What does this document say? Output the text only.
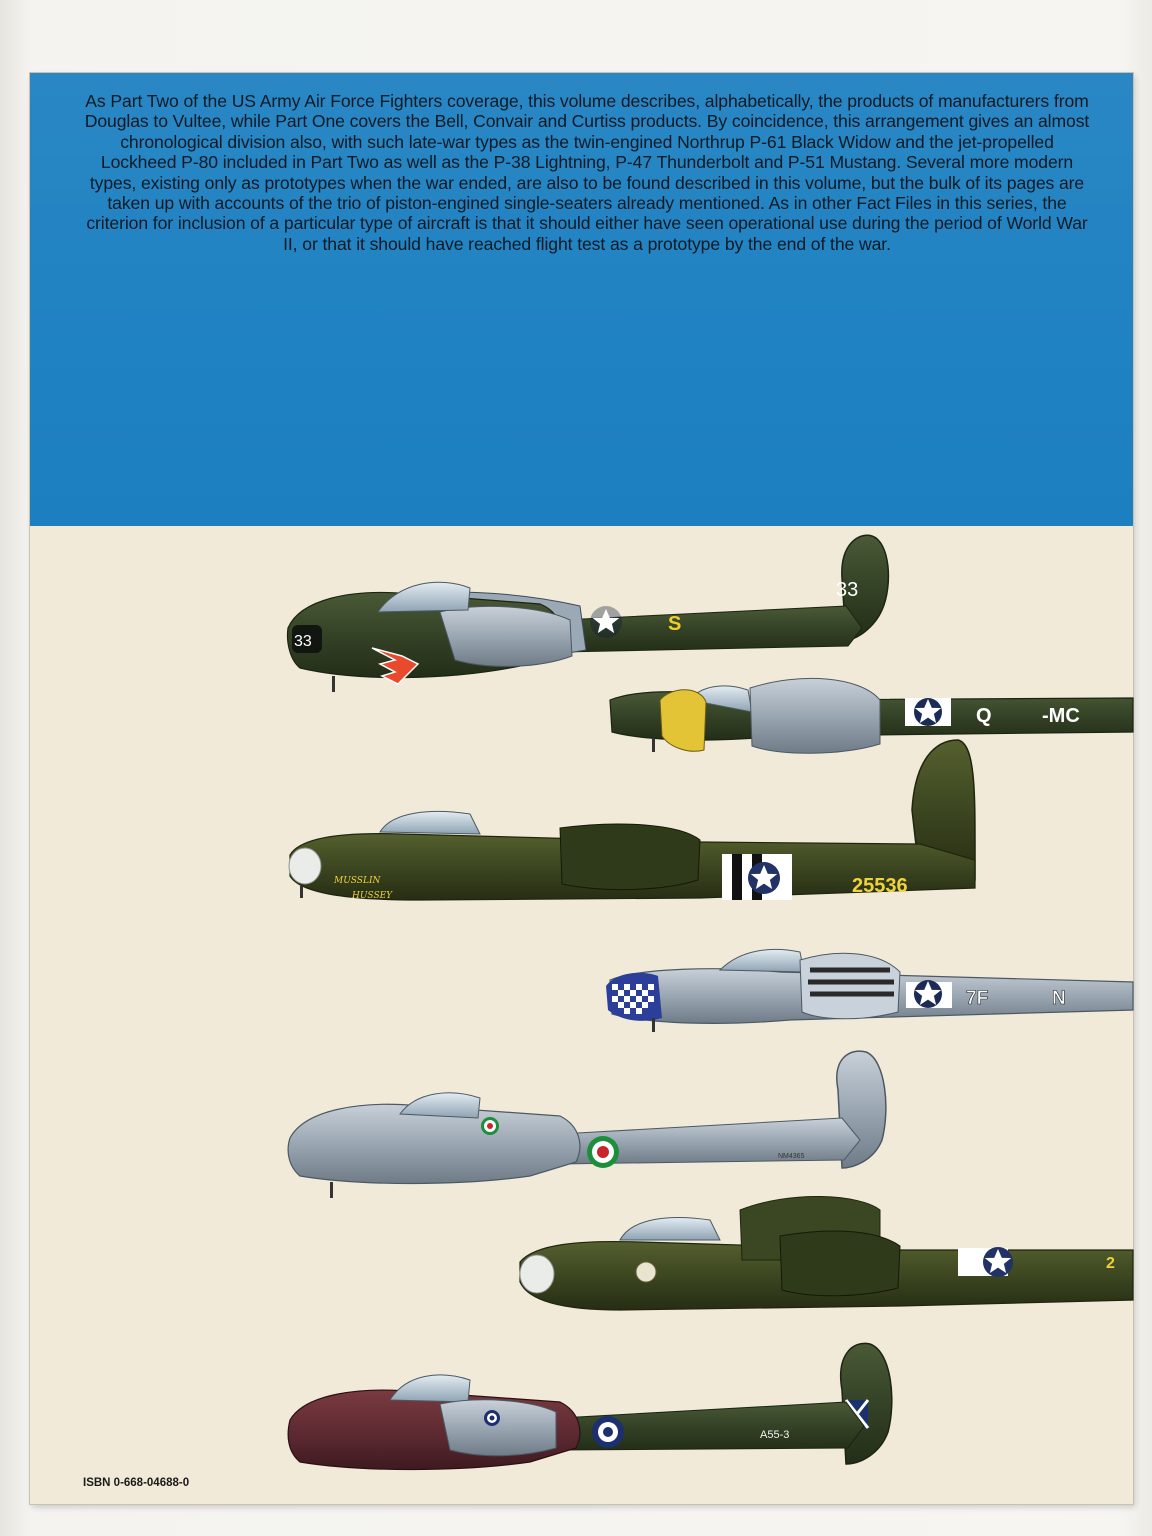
As Part Two of the US Army Air Force Fighters coverage, this volume describes, alphabetically, the products of manufacturers from Douglas to Vultee, while Part One covers the Bell, Convair and Curtiss products. By coincidence, this arrangement gives an almost chronological division also, with such late-war types as the twin-engined Northrup P-61 Black Widow and the jet-propelled Lockheed P-80 included in Part Two as well as the P-38 Lightning, P-47 Thunderbolt and P-51 Mustang. Several more modern types, existing only as prototypes when the war ended, are also to be found described in this volume, but the bulk of its pages are taken up with accounts of the trio of piston-engined single-seaters already mentioned. As in other Fact Files in this series, the criterion for inclusion of a particular type of aircraft is that it should either have seen operational use during the period of World War II, or that it should have reached flight test as a prototype by the end of the war.

ISBN 0-668-04688-0
33
S
33
Q	-MC
MUSSLIN
HUSSEY	25536
7F	N
NM4365
2
A55-3
